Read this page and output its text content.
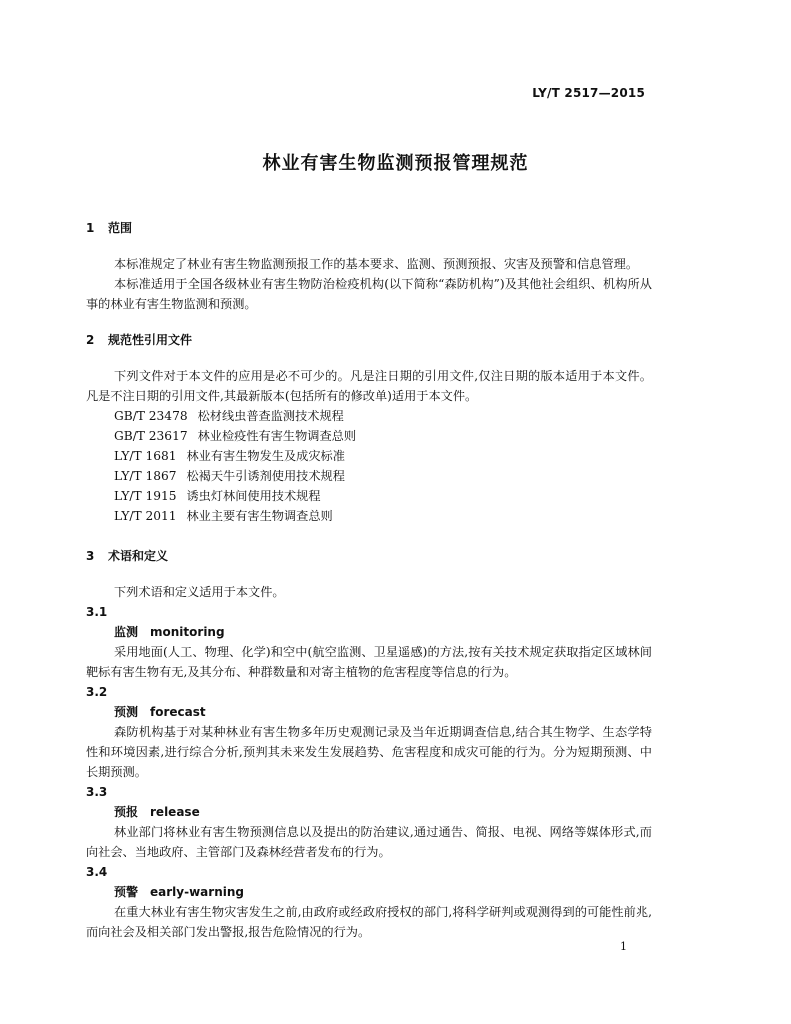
LY/T 2517—2015
林业有害生物监测预报管理规范
1 范围
本标准规定了林业有害生物监测预报工作的基本要求、监测、预测预报、灾害及预警和信息管理。
本标准适用于全国各级林业有害生物防治检疫机构(以下简称“森防机构”)及其他社会组织、机构所从事的林业有害生物监测和预测。
2 规范性引用文件
下列文件对于本文件的应用是必不可少的。凡是注日期的引用文件,仅注日期的版本适用于本文件。凡是不注日期的引用文件,其最新版本(包括所有的修改单)适用于本文件。
GB/T 23478 松材线虫普查监测技术规程
GB/T 23617 林业检疫性有害生物调查总则
LY/T 1681 林业有害生物发生及成灾标准
LY/T 1867 松褐天牛引诱剂使用技术规程
LY/T 1915 诱虫灯林间使用技术规程
LY/T 2011 林业主要有害生物调查总则
3 术语和定义
下列术语和定义适用于本文件。
3.1
监测 monitoring
采用地面(人工、物理、化学)和空中(航空监测、卫星遥感)的方法,按有关技术规定获取指定区域林间靶标有害生物有无,及其分布、种群数量和对寄主植物的危害程度等信息的行为。
3.2
预测 forecast
森防机构基于对某种林业有害生物多年历史观测记录及当年近期调查信息,结合其生物学、生态学特性和环境因素,进行综合分析,预判其未来发生发展趋势、危害程度和成灾可能的行为。分为短期预测、中长期预测。
3.3
预报 release
林业部门将林业有害生物预测信息以及提出的防治建议,通过通告、简报、电视、网络等媒体形式,而向社会、当地政府、主管部门及森林经营者发布的行为。
3.4
预警 early-warning
在重大林业有害生物灾害发生之前,由政府或经政府授权的部门,将科学研判或观测得到的可能性前兆,而向社会及相关部门发出警报,报告危险情况的行为。
1
